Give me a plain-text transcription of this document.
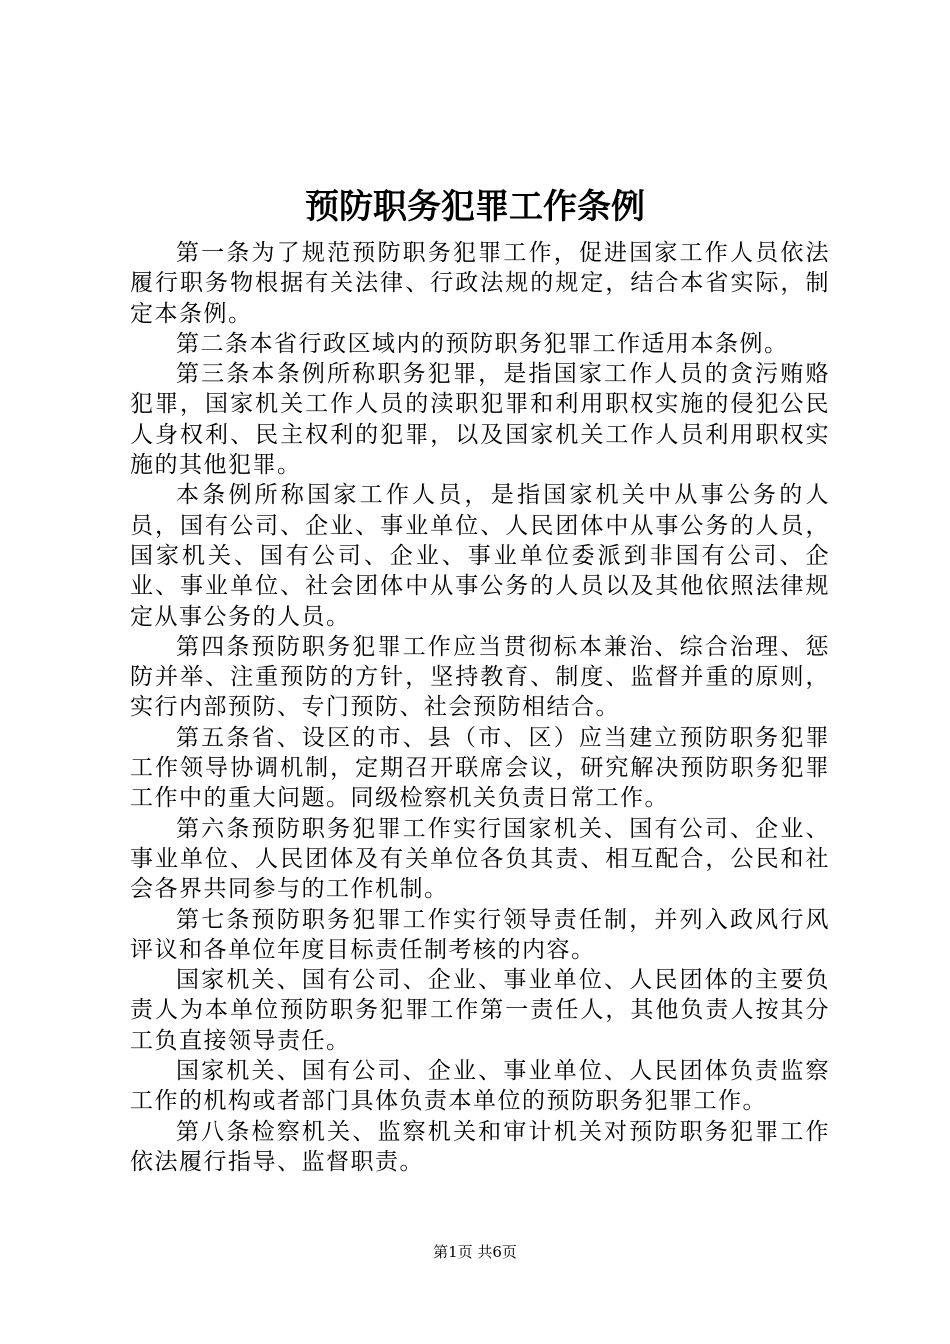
预防职务犯罪工作条例

第一条为了规范预防职务犯罪工作，促进国家工作人员依法履行职务物根据有关法律、行政法规的规定，结合本省实际，制定本条例。

第二条本省行政区域内的预防职务犯罪工作适用本条例。

第三条本条例所称职务犯罪，是指国家工作人员的贪污贿赂犯罪，国家机关工作人员的渎职犯罪和利用职权实施的侵犯公民人身权利、民主权利的犯罪，以及国家机关工作人员利用职权实施的其他犯罪。

本条例所称国家工作人员，是指国家机关中从事公务的人员，国有公司、企业、事业单位、人民团体中从事公务的人员，国家机关、国有公司、企业、事业单位委派到非国有公司、企业、事业单位、社会团体中从事公务的人员以及其他依照法律规定从事公务的人员。

第四条预防职务犯罪工作应当贯彻标本兼治、综合治理、惩防并举、注重预防的方针，坚持教育、制度、监督并重的原则，实行内部预防、专门预防、社会预防相结合。

第五条省、设区的市、县（市、区）应当建立预防职务犯罪工作领导协调机制，定期召开联席会议，研究解决预防职务犯罪工作中的重大问题。同级检察机关负责日常工作。

第六条预防职务犯罪工作实行国家机关、国有公司、企业、事业单位、人民团体及有关单位各负其责、相互配合，公民和社会各界共同参与的工作机制。

第七条预防职务犯罪工作实行领导责任制，并列入政风行风评议和各单位年度目标责任制考核的内容。

国家机关、国有公司、企业、事业单位、人民团体的主要负责人为本单位预防职务犯罪工作第一责任人，其他负责人按其分工负直接领导责任。

国家机关、国有公司、企业、事业单位、人民团体负责监察工作的机构或者部门具体负责本单位的预防职务犯罪工作。

第八条检察机关、监察机关和审计机关对预防职务犯罪工作依法履行指导、监督职责。

第1页 共6页
